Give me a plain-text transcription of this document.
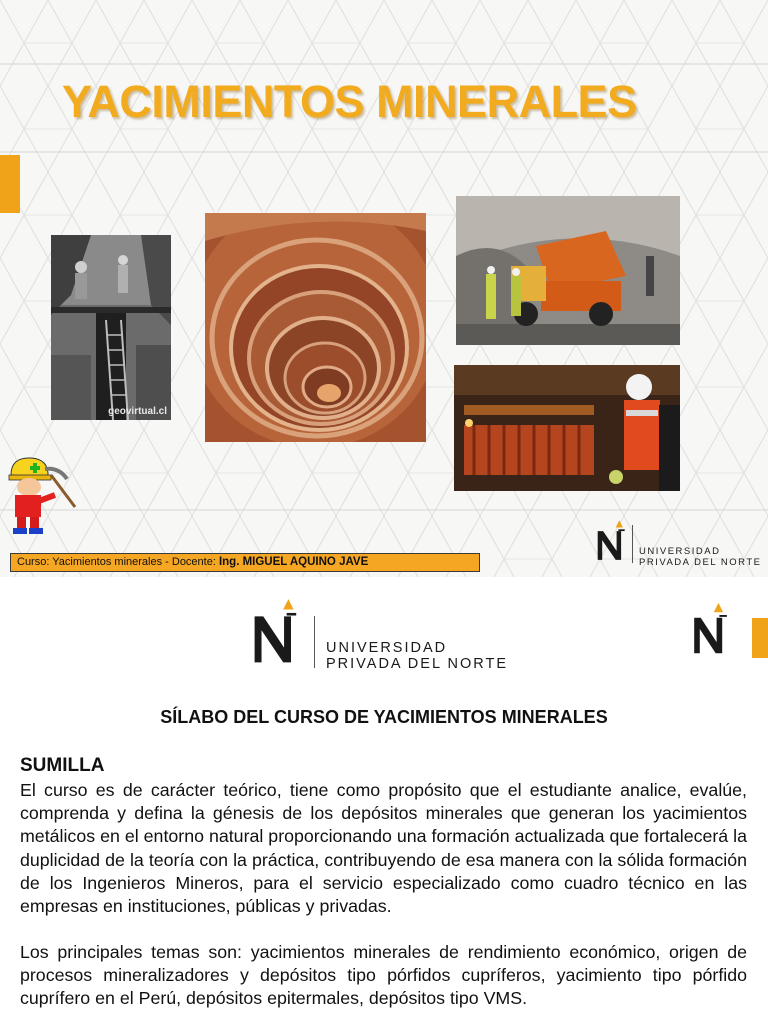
YACIMIENTOS MINERALES
geovirtual.cl
Curso: Yacimientos minerales - Docente: Ing. MIGUEL AQUINO JAVE
UNIVERSIDAD
PRIVADA DEL NORTE
UNIVERSIDAD
PRIVADA DEL NORTE
SÍLABO DEL CURSO DE YACIMIENTOS MINERALES
SUMILLA

El curso es de carácter teórico, tiene como propósito que el estudiante analice, evalúe, comprenda y defina la génesis de los depósitos minerales que generan los yacimientos metálicos en el entorno natural proporcionando una formación actualizada que fortalecerá la duplicidad de la teoría con la práctica, contribuyendo de esa manera con la sólida formación de los Ingenieros Mineros, para el servicio especializado como cuadro técnico en las empresas en instituciones, públicas y privadas.

Los principales temas son: yacimientos minerales de rendimiento económico, origen de procesos mineralizadores y depósitos tipo pórfidos cupríferos, yacimiento tipo pórfido cuprífero en el Perú, depósitos epitermales, depósitos tipo VMS.
